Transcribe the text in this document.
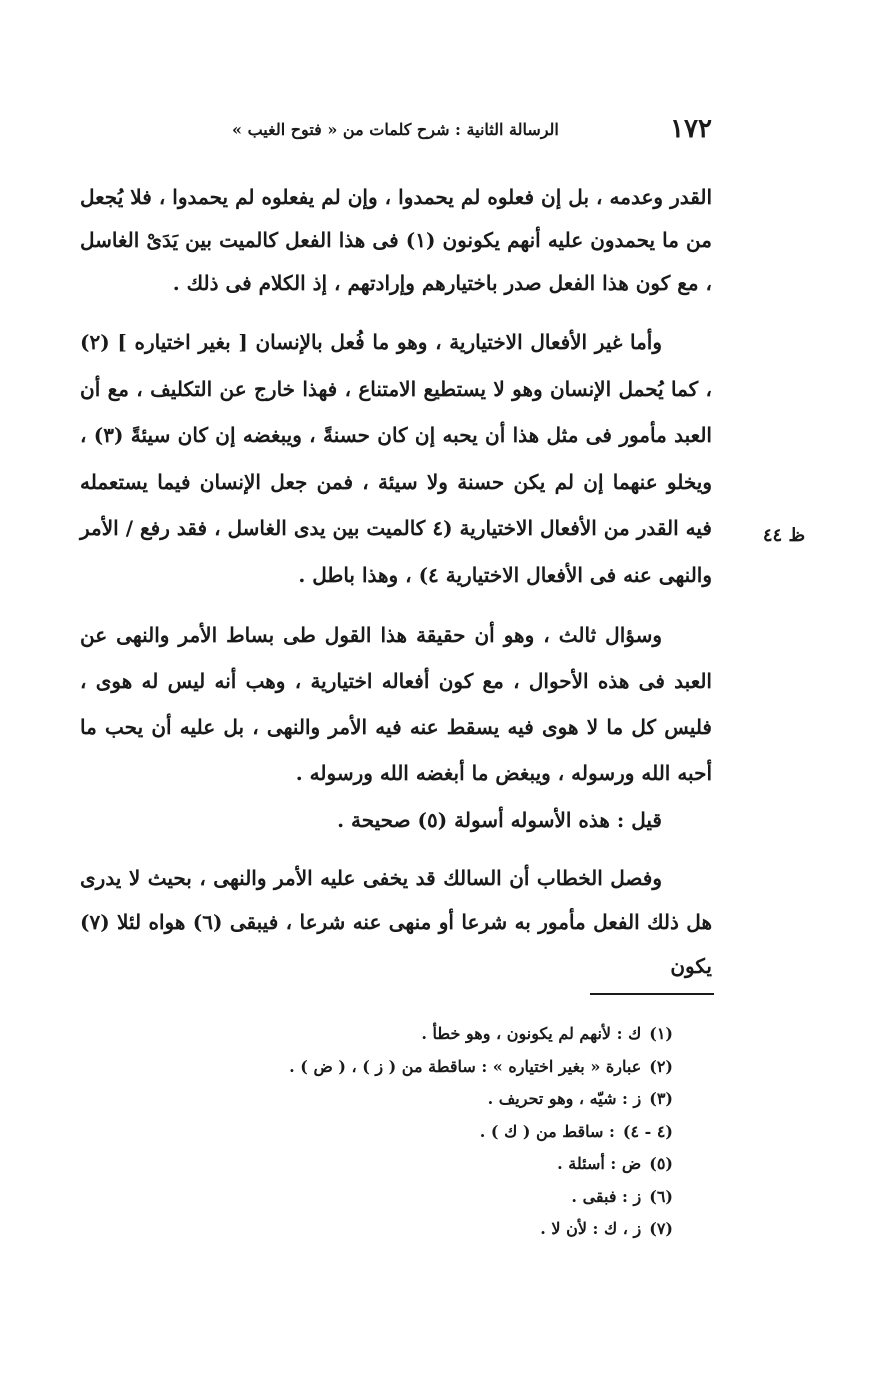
١٧٢
الرسالة الثانية : شرح كلمات من « فتوح الغيب »
ظ ٤٤

القدر وعدمه ، بل إن فعلوه لم يحمدوا ، وإن لم يفعلوه لم يحمدوا ، فلا يُجعل من ما يحمدون عليه أنهم يكونون (١) فى هذا الفعل كالميت بين يَدَىْ الغاسل ، مع كون هذا الفعل صدر باختيارهم وإرادتهم ، إذ الكلام فى ذلك .

وأما غير الأفعال الاختيارية ، وهو ما فُعل بالإنسان [ بغير اختياره ] (٢) ، كما يُحمل الإنسان وهو لا يستطيع الامتناع ، فهذا خارج عن التكليف ، مع أن العبد مأمور فى مثل هذا أن يحبه إن كان حسنةً ، ويبغضه إن كان سيئةً (٣) ، ويخلو عنهما إن لم يكن حسنة ولا سيئة ، فمن جعل الإنسان فيما يستعمله فيه القدر من الأفعال الاختيارية (٤ كالميت بين يدى الغاسل ، فقد رفع / الأمر والنهى عنه فى الأفعال الاختيارية ٤) ، وهذا باطل .

وسؤال ثالث ، وهو أن حقيقة هذا القول طى بساط الأمر والنهى عن العبد فى هذه الأحوال ، مع كون أفعاله اختيارية ، وهب أنه ليس له هوى ، فليس كل ما لا هوى فيه يسقط عنه فيه الأمر والنهى ، بل عليه أن يحب ما أحبه الله ورسوله ، ويبغض ما أبغضه الله ورسوله .

قيل : هذه الأسوله أسولة (٥) صحيحة .

وفصل الخطاب أن السالك قد يخفى عليه الأمر والنهى ، بحيث لا يدرى هل ذلك الفعل مأمور به شرعا أو منهى عنه شرعا ، فيبقى (٦) هواه لئلا (٧) يكون

(١)ك : لأنهم لم يكونون ، وهو خطأ .
(٢)عبارة « بغير اختياره » : ساقطة من ( ز ) ، ( ض ) .
(٣)ز : شيّه ، وهو تحريف .
(٤ - ٤): ساقط من ( ك ) .
(٥)ض : أسئلة .
(٦)ز : فبقى .
(٧)ز ، ك : لأن لا .
